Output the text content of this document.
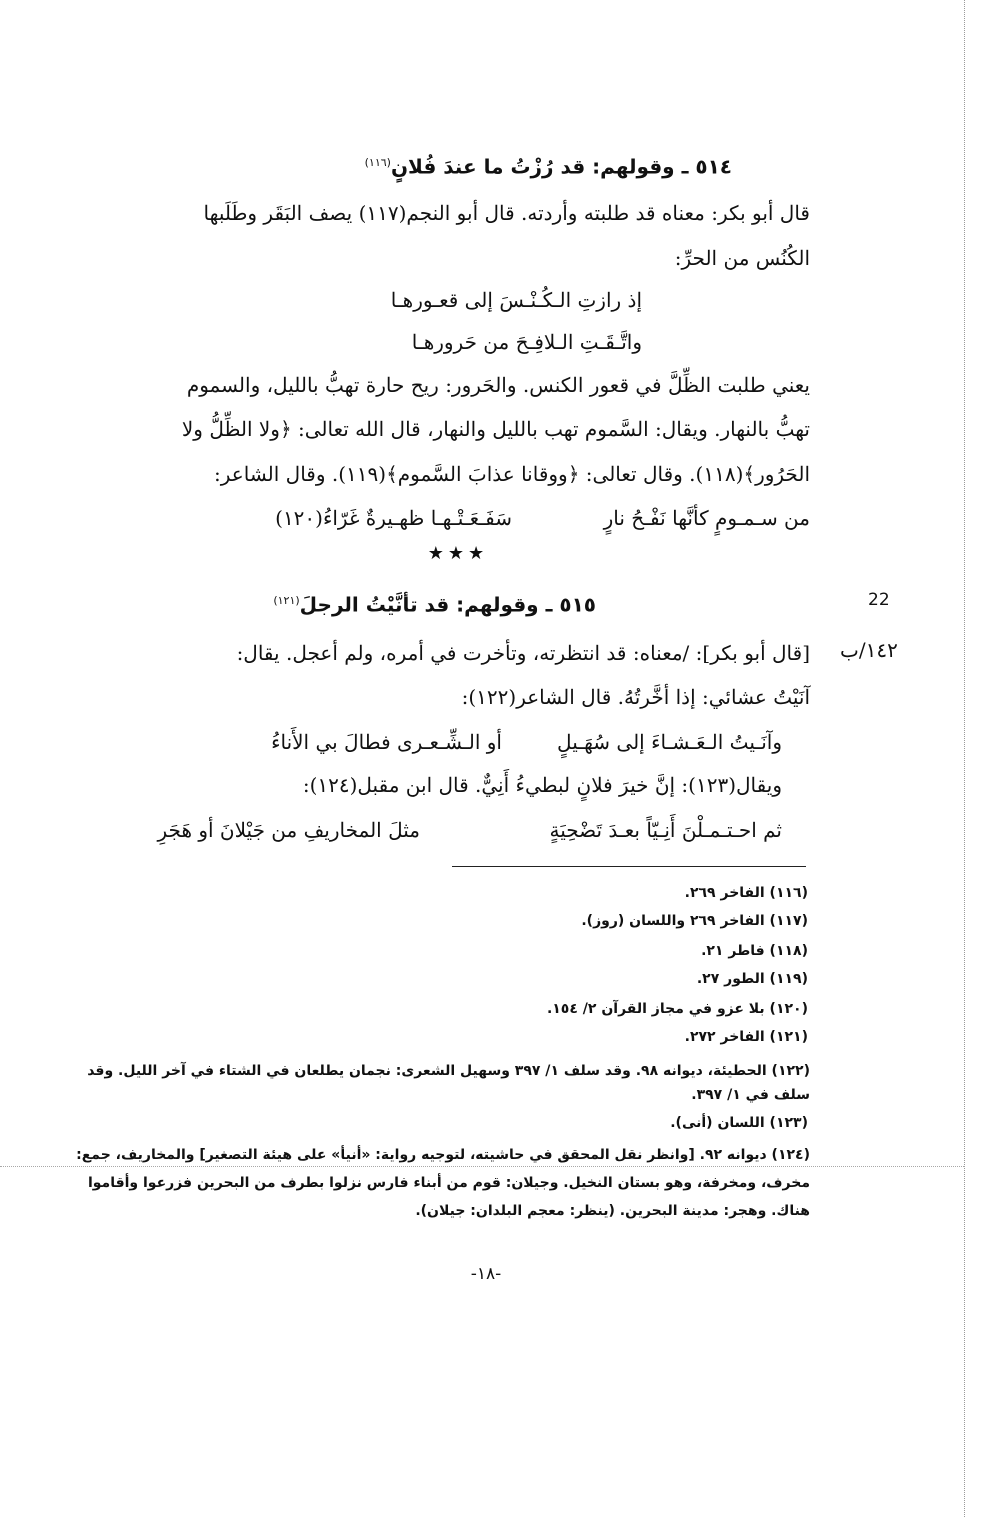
٥١٤ ـ وقولهم: قد رُزْتُ ما عندَ فُلانٍ$^{(١١٦)}$
قال أبو بكر: معناه قد طلبته وأردته. قال أبو النجم(١١٧) يصف البَقَر وطَلَبها
الكُنُس من الحرِّ:
إذ رازتِ الـكُـنْـسَ إلى قعـورهـا
واتَّـقَـتِ الـلافِـحَ من حَرورهـا
يعني طلبت الظِّلَّ في قعور الكنس. والحَرور: ريح حارة تهبُّ بالليل، والسموم
تهبُّ بالنهار. ويقال: السَّموم تهب بالليل والنهار، قال الله تعالى: ﴿ولا الظِّلُّ ولا
الحَرُور﴾(١١٨). وقال تعالى: ﴿ووقانا عذابَ السَّموم﴾(١١٩). وقال الشاعر:
من سـمـومٍ كأنَّها نَفْـحُ نارٍ
سَفَـعَـتْـهـا ظهـيرةٌ غَرّاءُ(١٢٠)
★★★
٥١٥ ـ وقولهم: قد تأنَّيْتُ الرجلَ$^{(١٢١)}$	22
١٤٢/ب
[قال أبو بكر]: /معناه: قد انتظرته، وتأخرت في أمره، ولم أعجل. يقال:
آنَيْتُ عشائي: إذا أخَّرتُهُ. قال الشاعر(١٢٢):
وآنَـيتُ الـعَـشـاءَ إلى سُهَـيلٍ
أو الـشِّـعـرى فطالَ بي الأَناءُ
ويقال(١٢٣): إنَّ خيرَ فلانٍ لبطيءُ أَنِيٌّ. قال ابن مقبل(١٢٤):
ثم احـتـمـلْنَ أَنِـيّاً بعـدَ تَضْحِيَةٍ
مثلَ المخاريفِ من جَيْلانَ أو هَجَرِ
(١١٦) الفاخر ٢٦٩.
(١١٧) الفاخر ٢٦٩ واللسان (روز).
(١١٨) فاطر ٢١.
(١١٩) الطور ٢٧.
(١٢٠) بلا عزو في مجاز القرآن ٢/ ١٥٤.
(١٢١) الفاخر ٢٧٢.
(١٢٢) الحطيئة، ديوانه ٩٨. وقد سلف ١/ ٣٩٧ وسهيل الشعرى: نجمان يطلعان في الشتاء في آخر الليل. وقد
سلف في ١/ ٣٩٧.
(١٢٣) اللسان (أنى).
(١٢٤) ديوانه ٩٢. [وانظر نقل المحقق في حاشيته، لتوجيه رواية: «أنيأ» على هيئة التصغير] والمخاريف، جمع:
مخرف، ومخرفة، وهو بستان النخيل. وجيلان: قوم من أبناء فارس نزلوا بطرف من البحرين فزرعوا وأقاموا
هناك. وهجر: مدينة البحرين. (ينظر: معجم البلدان: جيلان).
-١٨-
